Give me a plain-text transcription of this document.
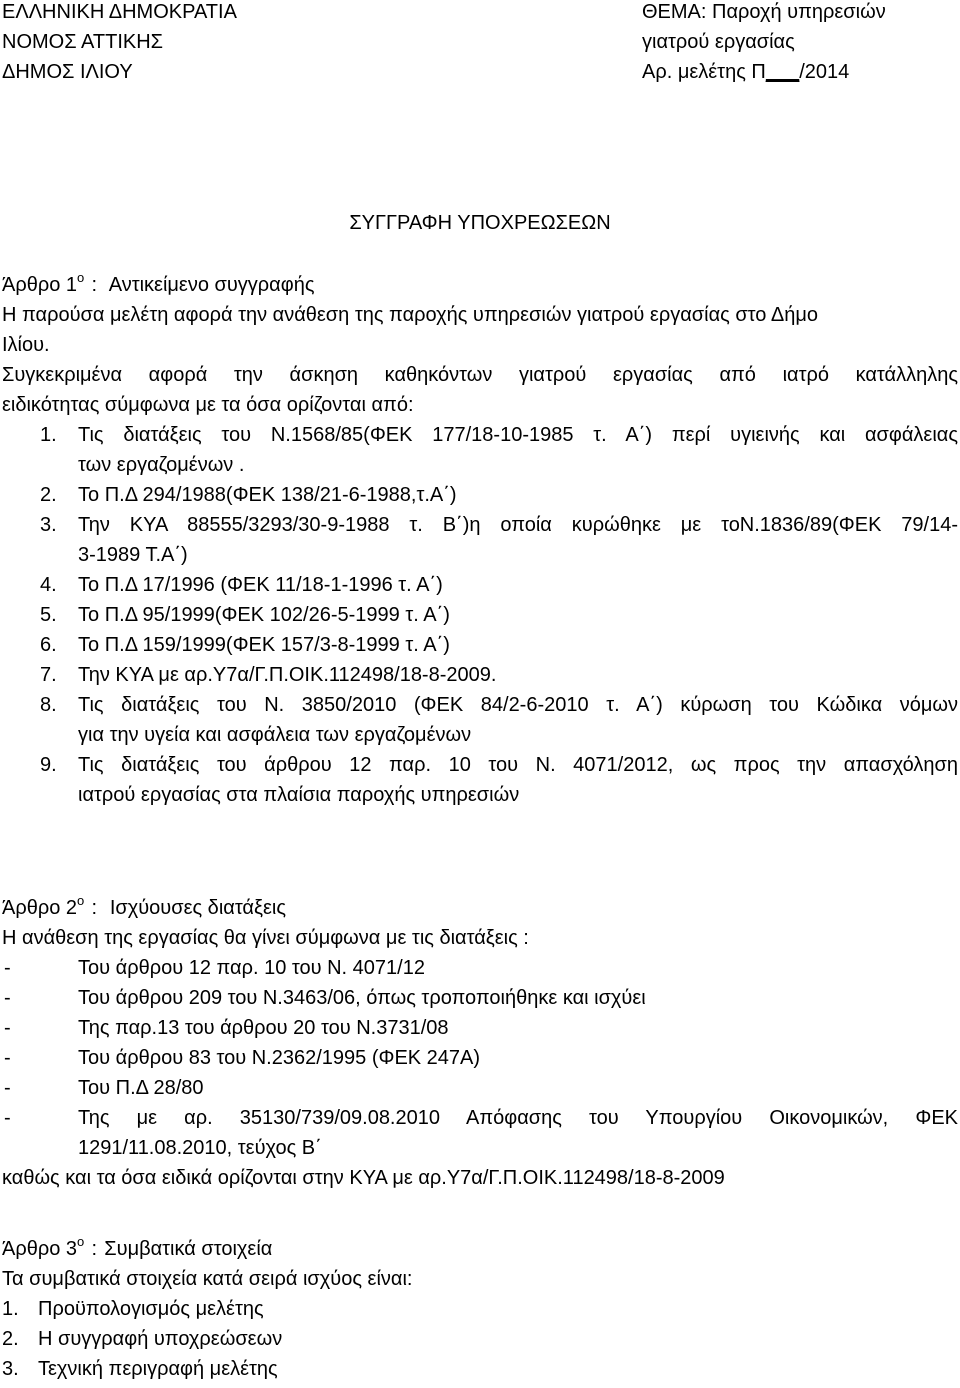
ΕΛΛΗΝΙΚΗ ΔΗΜΟΚΡΑΤΙΑ
ΝΟΜΟΣ ΑΤΤΙΚΗΣ
ΔΗΜΟΣ ΙΛΙΟΥ
ΘΕΜΑ: Παροχή υπηρεσιών
γιατρού εργασίας
Αρ. μελέτης Π___/2014
ΣΥΓΓΡΑΦΗ ΥΠΟΧΡΕΩΣΕΩΝ
Άρθρο $1^o$ : Αντικείμενο συγγραφής
Η παρούσα μελέτη αφορά την ανάθεση της παροχής υπηρεσιών γιατρού εργασίας στο Δήμο
Ιλίου.
Συγκεκριμένα αφορά την άσκηση καθηκόντων γιατρού εργασίας από ιατρό κατάλληλης
ειδικότητας σύμφωνα με τα όσα ορίζονται από:
1. Τις διατάξεις του Ν.1568/85(ΦΕΚ 177/18-10-1985 τ. Α΄) περί υγιεινής και ασφάλειας
των εργαζομένων .
2. Το Π.Δ 294/1988(ΦΕΚ 138/21-6-1988,τ.Α΄)
3. Την ΚΥΑ 88555/3293/30-9-1988 τ. Β΄)η οποία κυρώθηκε με τοΝ.1836/89(ΦΕΚ 79/14-
3-1989 Τ.Α΄)
4. Το Π.Δ 17/1996 (ΦΕΚ 11/18-1-1996 τ. Α΄)
5. Το Π.Δ 95/1999(ΦΕΚ 102/26-5-1999 τ. Α΄)
6. Το Π.Δ 159/1999(ΦΕΚ 157/3-8-1999 τ. Α΄)
7. Την ΚΥΑ με αρ.Υ7α/Γ.Π.ΟΙΚ.112498/18-8-2009.
8. Τις διατάξεις του Ν. 3850/2010 (ΦΕΚ 84/2-6-2010 τ. Α΄) κύρωση του Κώδικα νόμων
για την υγεία και ασφάλεια των εργαζομένων
9. Τις διατάξεις του άρθρου 12 παρ. 10 του Ν. 4071/2012, ως προς την απασχόληση
ιατρού εργασίας στα πλαίσια παροχής υπηρεσιών
Άρθρο $2^o$ : Ισχύουσες διατάξεις
Η ανάθεση της εργασίας θα γίνει σύμφωνα με τις διατάξεις :
-	Του άρθρου 12 παρ. 10 του Ν. 4071/12
-	Του άρθρου 209 του Ν.3463/06, όπως τροποποιήθηκε και ισχύει
-	Της παρ.13 του άρθρου 20 του Ν.3731/08
-	Του άρθρου 83 του Ν.2362/1995 (ΦΕΚ 247Α)
-	Του Π.Δ 28/80
-	Της με αρ. 35130/739/09.08.2010 Απόφασης του Υπουργίου Οικονομικών, ΦΕΚ
1291/11.08.2010, τεύχος Β΄
καθώς και τα όσα ειδικά ορίζονται στην ΚΥΑ με αρ.Υ7α/Γ.Π.ΟΙΚ.112498/18-8-2009
Άρθρο $3^o$ : Συμβατικά στοιχεία
Τα συμβατικά στοιχεία κατά σειρά ισχύος είναι:
1. Προϋπολογισμός μελέτης
2. Η συγγραφή υποχρεώσεων
3. Τεχνική περιγραφή μελέτης
